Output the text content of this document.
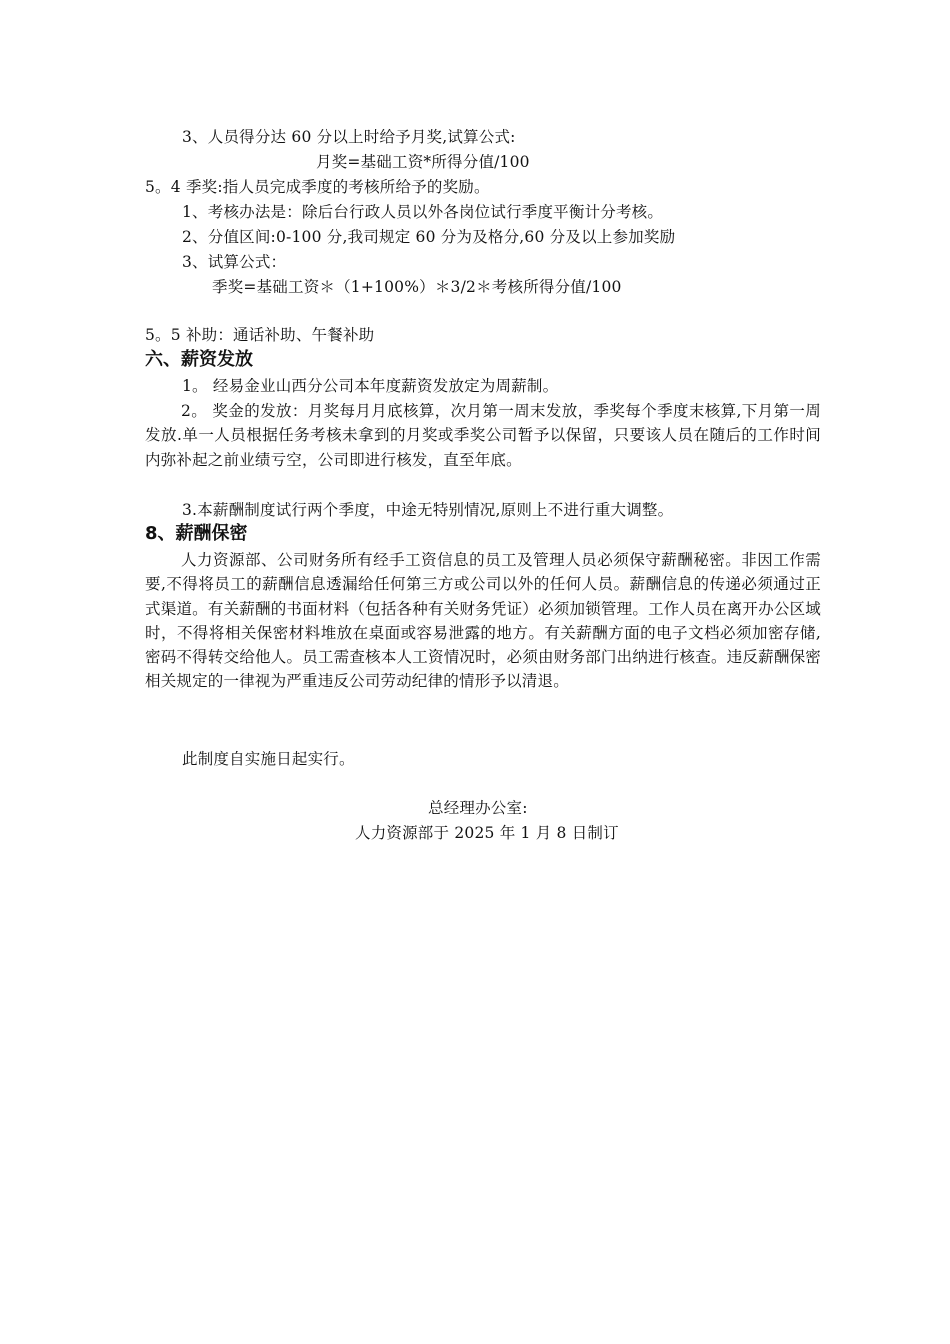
3、人员得分达 60 分以上时给予月奖,试算公式:
月奖=基础工资*所得分值/100
5。4 季奖:指人员完成季度的考核所给予的奖励。
1、考核办法是：除后台行政人员以外各岗位试行季度平衡计分考核。
2、分值区间:0-100 分,我司规定 60 分为及格分,60 分及以上参加奖励
3、试算公式：
季奖=基础工资＊（1+100%）＊3/2＊考核所得分值/100
5。5 补助：通话补助、午餐补助
六、薪资发放
1。 经易金业山西分公司本年度薪资发放定为周薪制。
2。 奖金的发放：月奖每月月底核算，次月第一周末发放，季奖每个季度末核算,下月第一周发放.单一人员根据任务考核未拿到的月奖或季奖公司暂予以保留，只要该人员在随后的工作时间内弥补起之前业绩亏空，公司即进行核发，直至年底。
3.本薪酬制度试行两个季度，中途无特别情况,原则上不进行重大调整。
8、薪酬保密
人力资源部、公司财务所有经手工资信息的员工及管理人员必须保守薪酬秘密。非因工作需要,不得将员工的薪酬信息透漏给任何第三方或公司以外的任何人员。薪酬信息的传递必须通过正式渠道。有关薪酬的书面材料（包括各种有关财务凭证）必须加锁管理。工作人员在离开办公区域时，不得将相关保密材料堆放在桌面或容易泄露的地方。有关薪酬方面的电子文档必须加密存储,密码不得转交给他人。员工需查核本人工资情况时，必须由财务部门出纳进行核查。违反薪酬保密相关规定的一律视为严重违反公司劳动纪律的情形予以清退。
此制度自实施日起实行。
总经理办公室:
人力资源部于 2025 年 1 月 8 日制订
